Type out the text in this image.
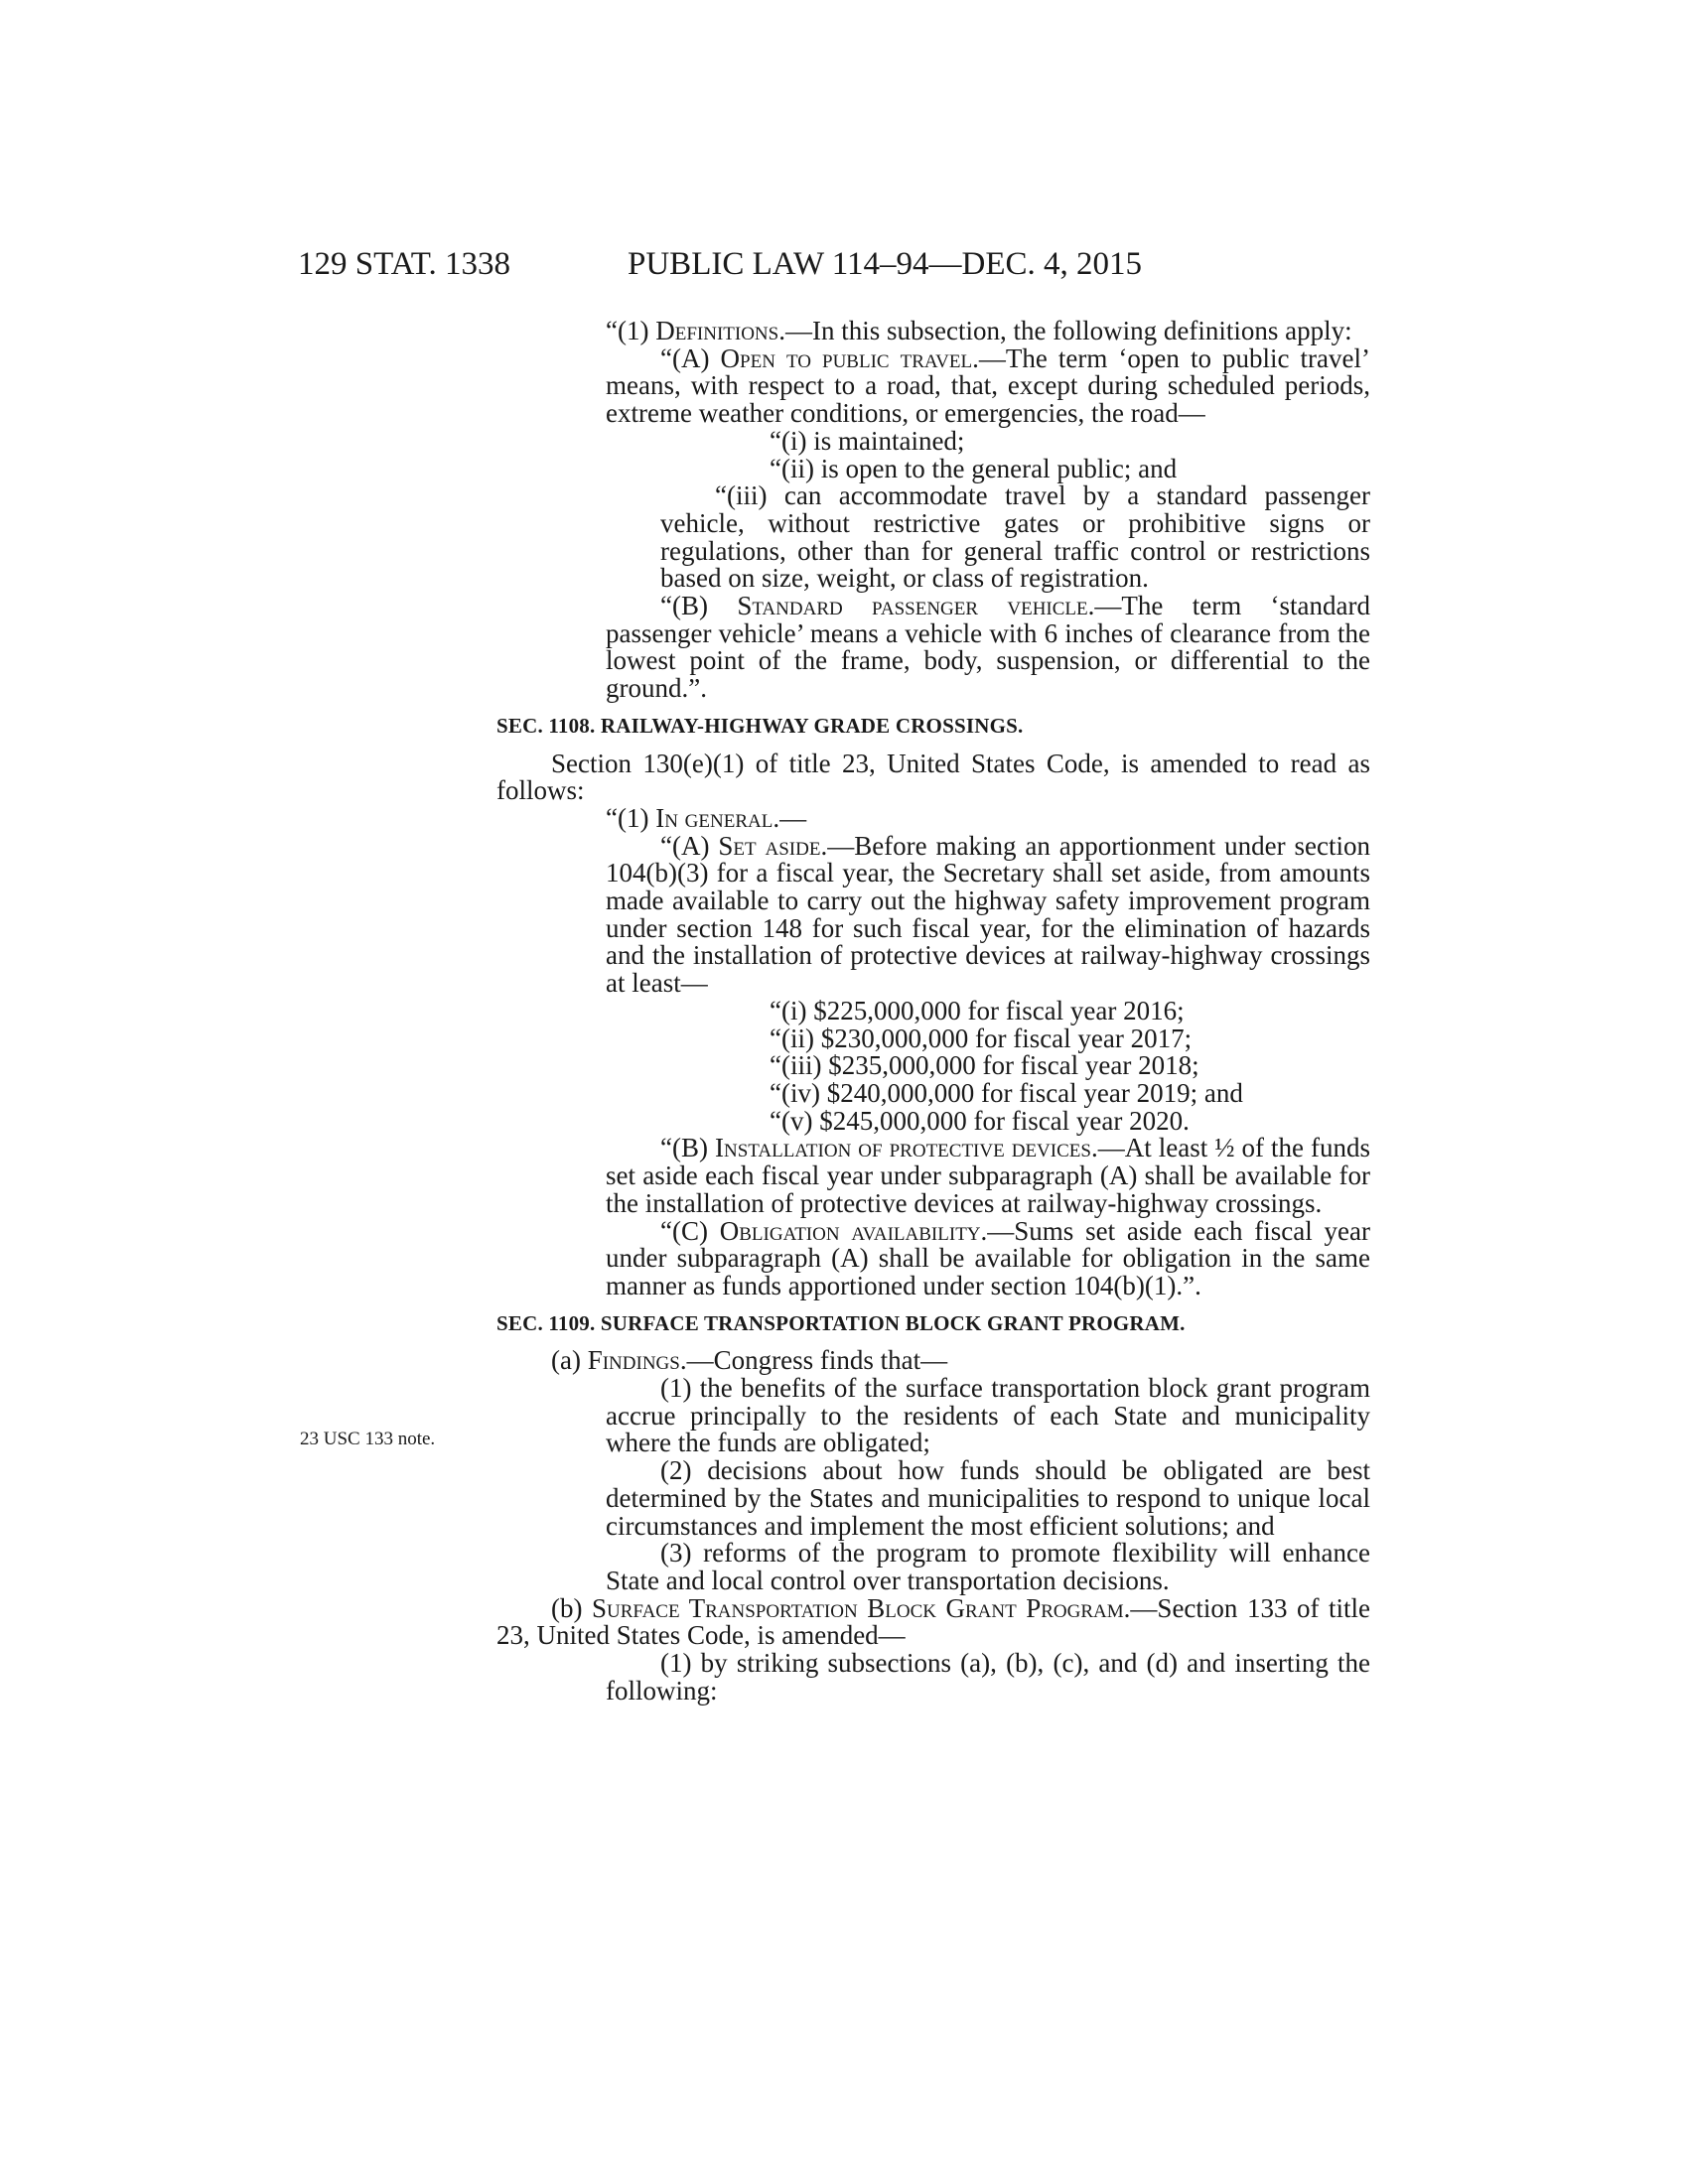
129 STAT. 1338	PUBLIC LAW 114–94—DEC. 4, 2015
23 USC 133 note.

“(1) Definitions.—In this subsection, the following definitions apply:

“(A) Open to public travel.—The term ‘open to public travel’ means, with respect to a road, that, except during scheduled periods, extreme weather conditions, or emergencies, the road—

“(i) is maintained;

“(ii) is open to the general public; and

“(iii) can accommodate travel by a standard passenger vehicle, without restrictive gates or prohibitive signs or regulations, other than for general traffic control or restrictions based on size, weight, or class of registration.

“(B) Standard passenger vehicle.—The term ‘standard passenger vehicle’ means a vehicle with 6 inches of clearance from the lowest point of the frame, body, suspension, or differential to the ground.”.

SEC. 1108. RAILWAY-HIGHWAY GRADE CROSSINGS.

Section 130(e)(1) of title 23, United States Code, is amended to read as follows:

“(1) In general.—

“(A) Set aside.—Before making an apportionment under section 104(b)(3) for a fiscal year, the Secretary shall set aside, from amounts made available to carry out the highway safety improvement program under section 148 for such fiscal year, for the elimination of hazards and the installation of protective devices at railway-highway crossings at least—

“(i) $225,000,000 for fiscal year 2016;

“(ii) $230,000,000 for fiscal year 2017;

“(iii) $235,000,000 for fiscal year 2018;

“(iv) $240,000,000 for fiscal year 2019; and

“(v) $245,000,000 for fiscal year 2020.

“(B) Installation of protective devices.—At least ½ of the funds set aside each fiscal year under subparagraph (A) shall be available for the installation of protective devices at railway-highway crossings.

“(C) Obligation availability.—Sums set aside each fiscal year under subparagraph (A) shall be available for obligation in the same manner as funds apportioned under section 104(b)(1).”.

SEC. 1109. SURFACE TRANSPORTATION BLOCK GRANT PROGRAM.

(a) Findings.—Congress finds that—

(1) the benefits of the surface transportation block grant program accrue principally to the residents of each State and municipality where the funds are obligated;

(2) decisions about how funds should be obligated are best determined by the States and municipalities to respond to unique local circumstances and implement the most efficient solutions; and

(3) reforms of the program to promote flexibility will enhance State and local control over transportation decisions.

(b) Surface Transportation Block Grant Program.—Section 133 of title 23, United States Code, is amended—

(1) by striking subsections (a), (b), (c), and (d) and inserting the following:
